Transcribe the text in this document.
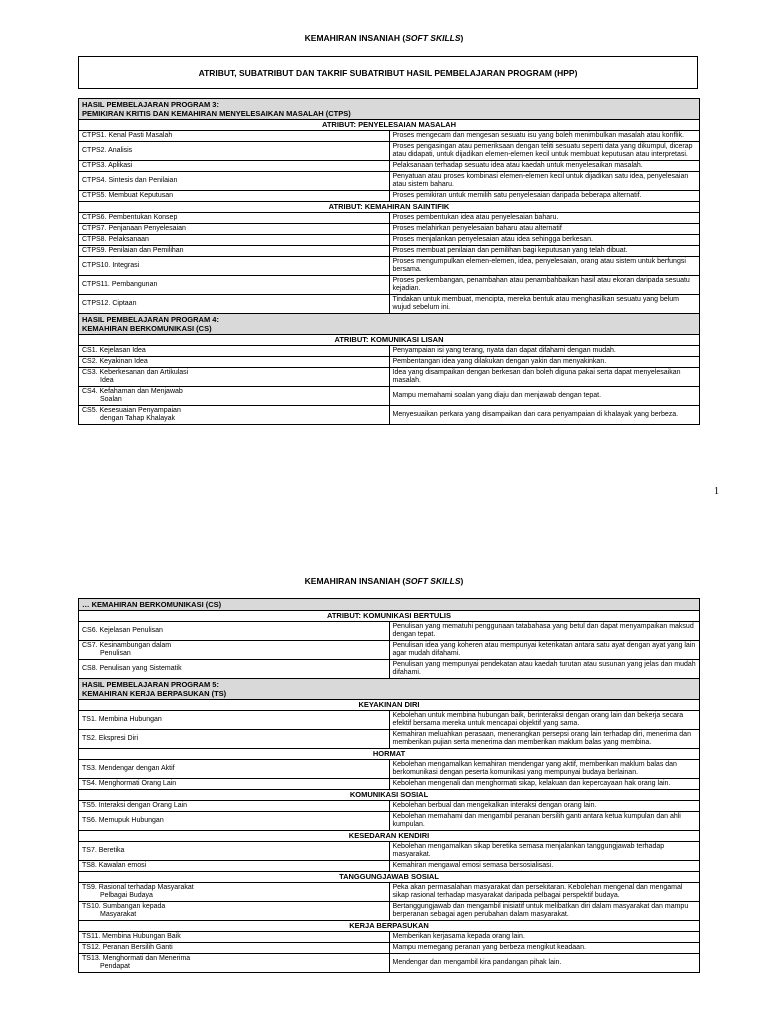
KEMAHIRAN INSANIAH (SOFT SKILLS)
ATRIBUT, SUBATRIBUT DAN TAKRIF SUBATRIBUT HASIL PEMBELAJARAN PROGRAM (HPP)
HASIL PEMBELAJARAN PROGRAM 3:
PEMIKIRAN KRITIS DAN KEMAHIRAN MENYELESAIKAN MASALAH (CTPS)	

ATRIBUT: PENYELESAIAN MASALAH	
CTPS1. Kenal Pasti Masalah	Proses mengecam dan mengesan sesuatu isu yang boleh menimbulkan masalah atau konflik.
CTPS2. Analisis	Proses pengasingan atau pemeriksaan dengan teliti sesuatu seperti data yang dikumpul, dicerap atau didapati, untuk dijadikan elemen-elemen kecil untuk membuat keputusan atau interpretasi.
CTPS3. Aplikasi	Pelaksanaan terhadap sesuatu idea atau kaedah untuk menyelesaikan masalah.
CTPS4. Sintesis dan Penilaian	Penyatuan atau proses kombinasi elemen-elemen kecil untuk dijadikan satu idea, penyelesaian atau sistem baharu.
CTPS5. Membuat Keputusan	Proses pemikiran untuk memilih satu penyelesaian daripada beberapa alternatif.
ATRIBUT: KEMAHIRAN SAINTIFIK	
CTPS6. Pembentukan Konsep	Proses pembentukan idea atau penyelesaian baharu.
CTPS7. Penjanaan Penyelesaian	Proses melahirkan penyelesaian baharu atau alternatif
CTPS8. Pelaksanaan	Proses menjalankan penyelesaian atau idea sehingga berkesan.
CTPS9. Penilaian dan Pemilihan	Proses membuat penilaian dan pemilihan bagi keputusan yang telah dibuat.
CTPS10. Integrasi	Proses mengumpulkan elemen-elemen, idea, penyelesaian, orang atau sistem untuk berfungsi bersama.
CTPS11. Pembangunan	Proses perkembangan, penambahan atau penambahbaikan hasil atau ekoran daripada sesuatu kejadian.
CTPS12. Ciptaan	Tindakan untuk membuat, mencipta, mereka bentuk atau menghasilkan sesuatu yang belum wujud sebelum ini.

HASIL PEMBELAJARAN PROGRAM 4:
KEMAHIRAN BERKOMUNIKASI (CS)	

ATRIBUT: KOMUNIKASI LISAN	
CS1. Kejelasan Idea	Penyampaian isi yang terang, nyata dan dapat difahami dengan mudah.
CS2. Keyakinan Idea	Pembentangan idea yang dilakukan dengan yakin dan menyakinkan.
CS3. Keberkesanan dan Artikulasi
Idea	Idea yang disampaikan dengan berkesan dan boleh diguna pakai serta dapat menyelesaikan masalah.
CS4. Kefahaman dan Menjawab
Soalan	Mampu memahami soalan yang diaju dan menjawab dengan tepat.
CS5. Kesesuaian Penyampaian
dengan Tahap Khalayak	Menyesuaikan perkara yang disampaikan dan cara penyampaian di khalayak yang berbeza.
1
KEMAHIRAN INSANIAH (SOFT SKILLS)
… KEMAHIRAN BERKOMUNIKASI (CS)	

ATRIBUT: KOMUNIKASI BERTULIS	
CS6. Kejelasan Penulisan	Penulisan yang mematuhi penggunaan tatabahasa yang betul dan dapat menyampaikan maksud dengan tepat.
CS7. Kesinambungan dalam
Penulisan	Penulisan idea yang koheren atau mempunyai keterikatan antara satu ayat dengan ayat yang lain agar mudah difahami.
CS8. Penulisan yang Sistematik	Penulisan yang mempunyai pendekatan atau kaedah turutan atau susunan yang jelas dan mudah difahami.

HASIL PEMBELAJARAN PROGRAM 5:
KEMAHIRAN KERJA BERPASUKAN (TS)	

KEYAKINAN DIRI	
TS1. Membina Hubungan	Kebolehan untuk membina hubungan baik, berinteraksi dengan orang lain dan bekerja secara efektif bersama mereka untuk mencapai objektif yang sama.
TS2. Ekspresi Diri	Kemahiran meluahkan perasaan, menerangkan persepsi orang lain terhadap diri, menerima dan memberikan pujian serta menerima dan memberikan maklum balas yang membina.
HORMAT	
TS3. Mendengar dengan Aktif	Kebolehan mengamalkan kemahiran mendengar yang aktif, memberikan maklum balas dan berkomunikasi dengan peserta komunikasi yang mempunyai budaya berlainan.
TS4. Menghormati Orang Lain	Kebolehan mengenali dan menghormati sikap, kelakuan dan kepercayaan hak orang lain.
KOMUNIKASI SOSIAL	
TS5. Interaksi dengan Orang Lain	Kebolehan berbual dan mengekalkan interaksi dengan orang lain.
TS6. Memupuk Hubungan	Kebolehan memahami dan mengambil peranan bersilih ganti antara ketua kumpulan dan ahli kumpulan.
KESEDARAN KENDIRI	
TS7. Beretika	Kebolehan mengamalkan sikap beretika semasa menjalankan tanggungjawab terhadap masyarakat.
TS8. Kawalan emosi	Kemahiran mengawal emosi semasa bersosialisasi.
TANGGUNGJAWAB SOSIAL	
TS9. Rasional terhadap Masyarakat
Pelbagai Budaya	Peka akan permasalahan masyarakat dan persekitaran. Kebolehan mengenal dan mengamal sikap rasional terhadap masyarakat daripada pelbagai perspektif budaya.
TS10. Sumbangan kepada
Masyarakat	Bertanggungjawab dan mengambil inisiatif untuk melibatkan diri dalam masyarakat dan mampu berperanan sebagai agen perubahan dalam masyarakat.
KERJA BERPASUKAN	
TS11. Membina Hubungan Baik	Memberikan kerjasama kepada orang lain.
TS12. Peranan Bersilih Ganti	Mampu memegang peranan yang berbeza mengikut keadaan.
TS13. Menghormati dan Menerima
Pendapat	Mendengar dan mengambil kira pandangan pihak lain.
